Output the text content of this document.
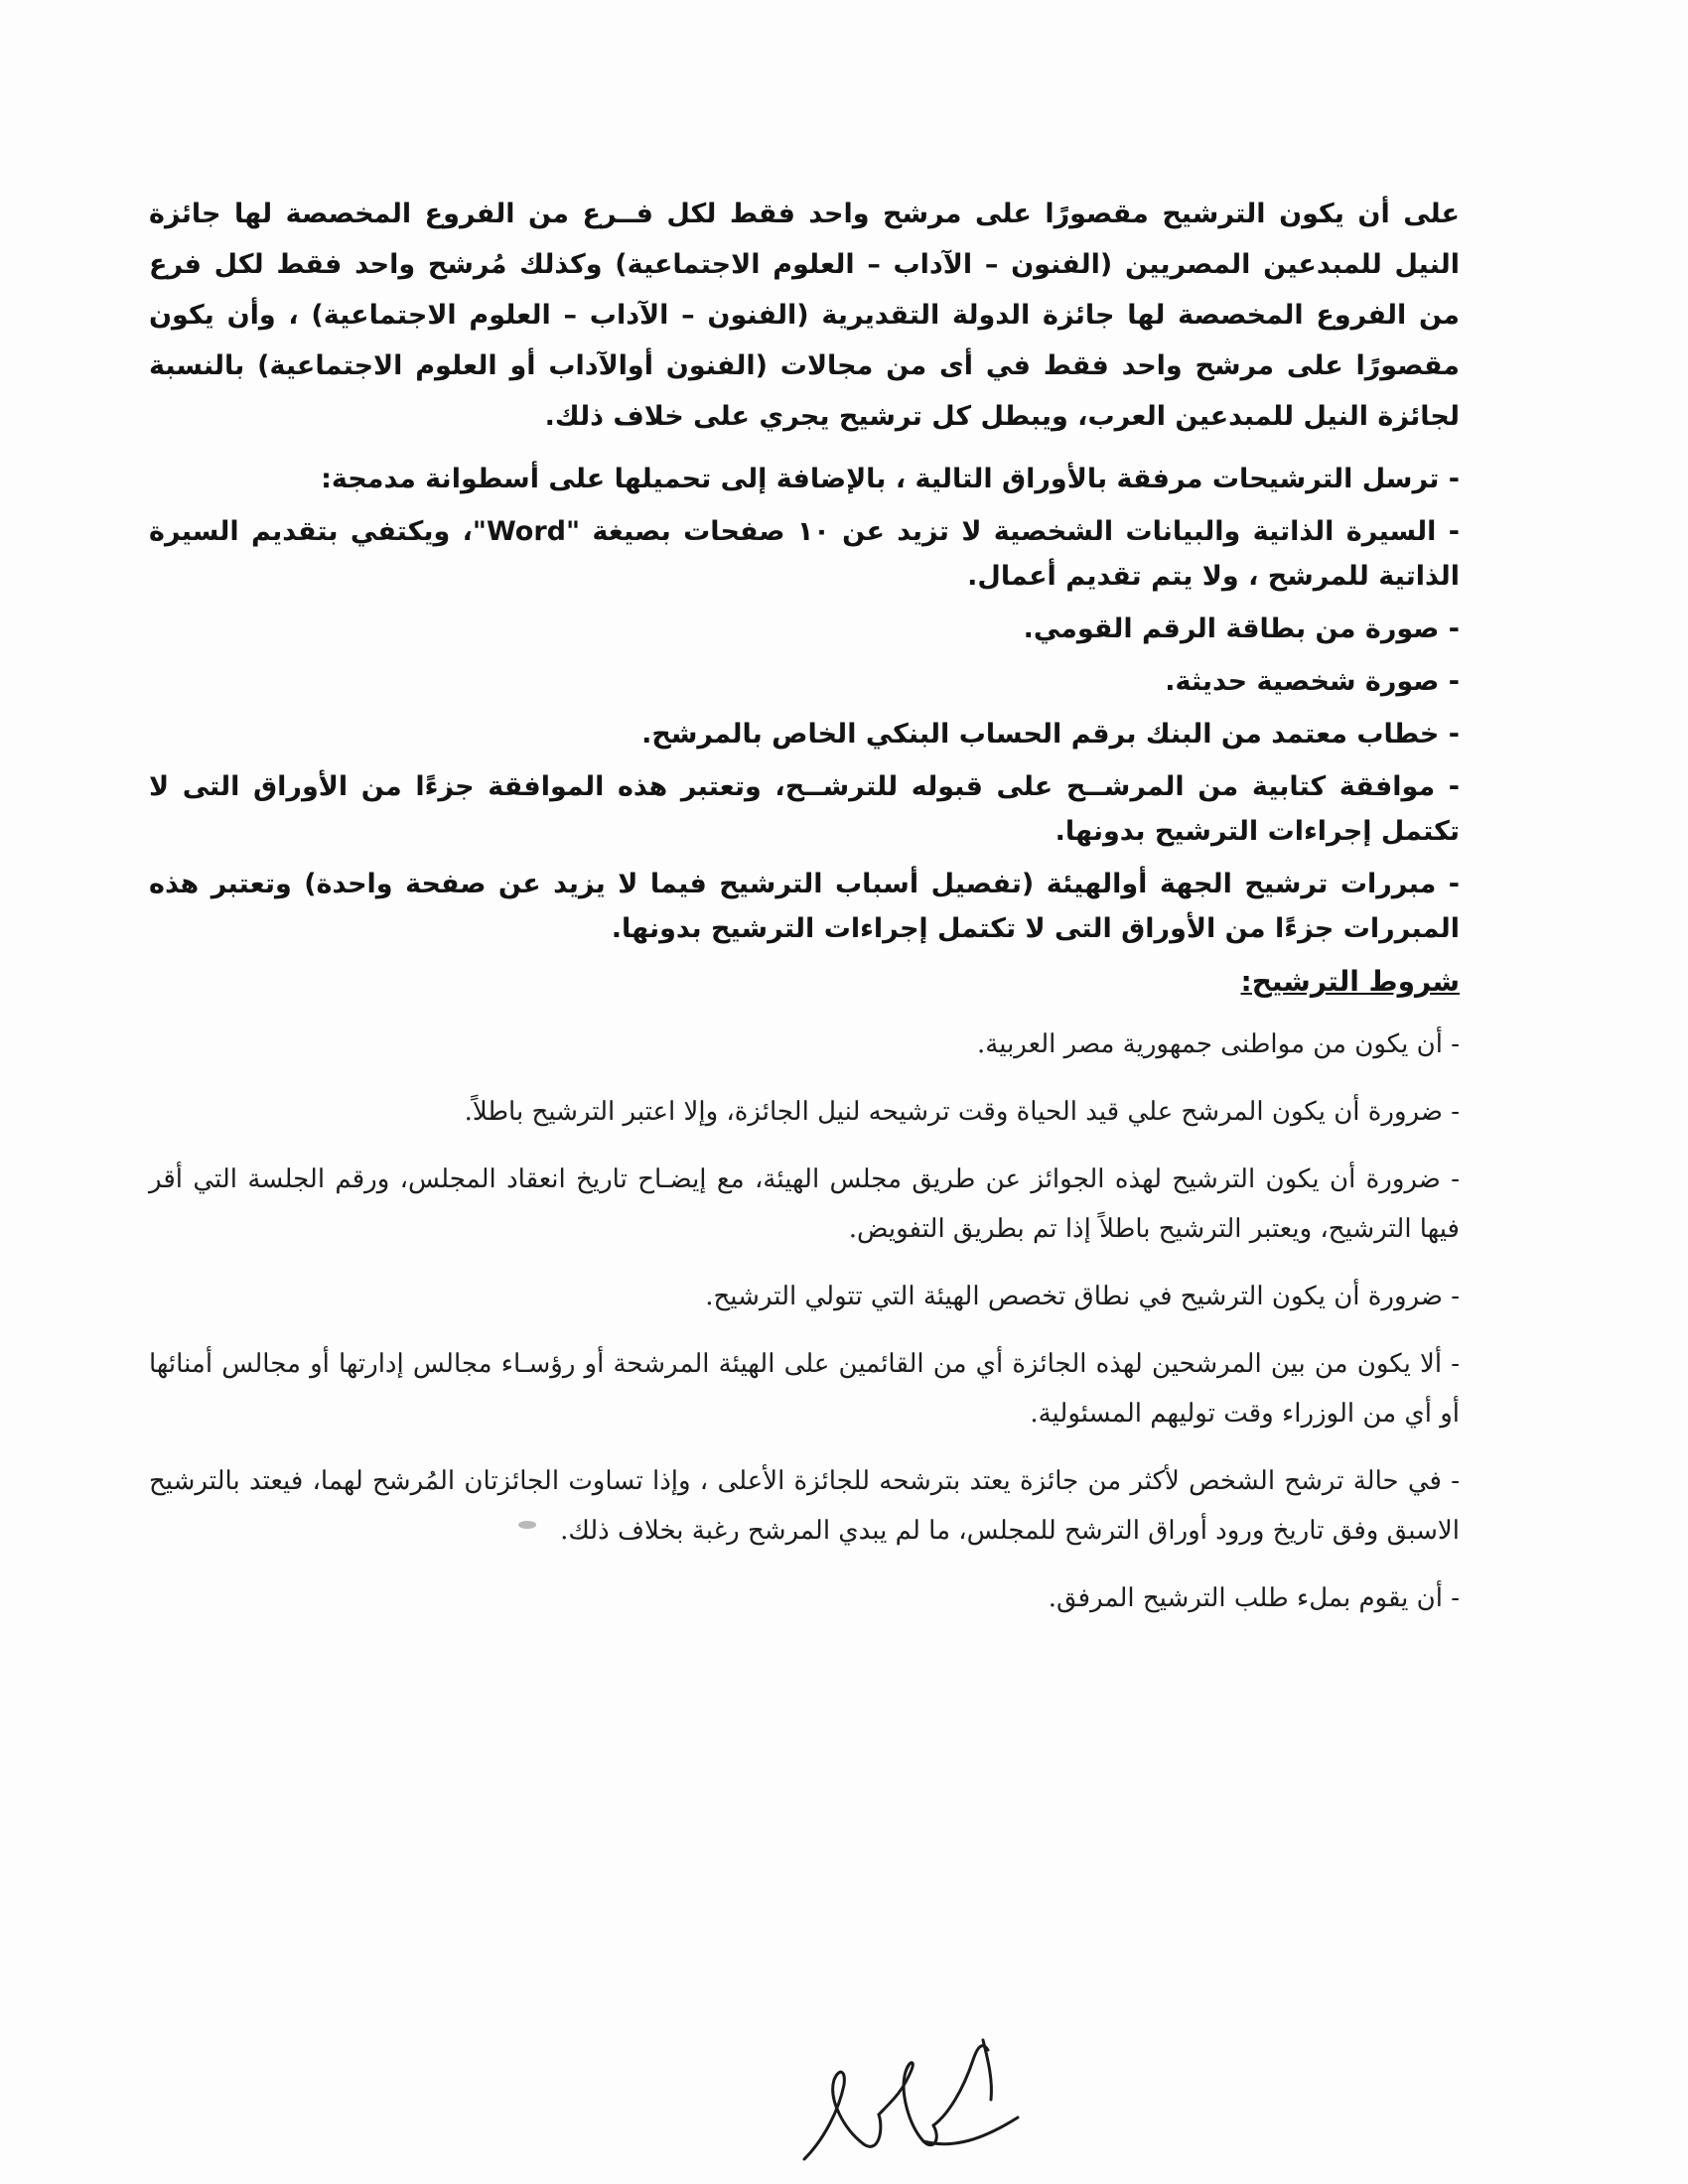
على أن يكون الترشيح مقصورًا على مرشح واحد فقط لكل فــرع من الفروع المخصصة لها جائزة النيل للمبدعين المصريين (الفنون – الآداب – العلوم الاجتماعية) وكذلك مُرشح واحد فقط لكل فرع من الفروع المخصصة لها جائزة الدولة التقديرية (الفنون – الآداب – العلوم الاجتماعية) ، وأن يكون مقصورًا على مرشح واحد فقط في أى من مجالات (الفنون أوالآداب أو العلوم الاجتماعية) بالنسبة لجائزة النيل للمبدعين العرب، ويبطل كل ترشيح يجري على خلاف ذلك.

- ترسل الترشيحات مرفقة بالأوراق التالية ، بالإضافة إلى تحميلها على أسطوانة مدمجة:

- السيرة الذاتية والبيانات الشخصية لا تزيد عن ١٠ صفحات بصيغة "Word"، ويكتفي بتقديم السيرة الذاتية للمرشح ، ولا يتم تقديم أعمال.

- صورة من بطاقة الرقم القومي.

- صورة شخصية حديثة.

- خطاب معتمد من البنك برقم الحساب البنكي الخاص بالمرشح.

- موافقة كتابية من المرشــح على قبوله للترشــح، وتعتبر هذه الموافقة جزءًا من الأوراق التى لا تكتمل إجراءات الترشيح بدونها.

- مبررات ترشيح الجهة أوالهيئة (تفصيل أسباب الترشيح فيما لا يزيد عن صفحة واحدة) وتعتبر هذه المبررات جزءًا من الأوراق التى لا تكتمل إجراءات الترشيح بدونها.

شروط الترشيح:

- أن يكون من مواطنى جمهورية مصر العربية.

- ضرورة أن يكون المرشح علي قيد الحياة وقت ترشيحه لنيل الجائزة، وإلا اعتبر الترشيح باطلاً.

- ضرورة أن يكون الترشيح لهذه الجوائز عن طريق مجلس الهيئة، مع إيضـاح تاريخ انعقاد المجلس، ورقم الجلسة التي أقر فيها الترشيح، ويعتبر الترشيح باطلاً إذا تم بطريق التفويض.

- ضرورة أن يكون الترشيح في نطاق تخصص الهيئة التي تتولي الترشيح.

- ألا يكون من بين المرشحين لهذه الجائزة أي من القائمين على الهيئة المرشحة أو رؤسـاء مجالس إدارتها أو مجالس أمنائها أو أي من الوزراء وقت توليهم المسئولية.

- في حالة ترشح الشخص لأكثر من جائزة يعتد بترشحه للجائزة الأعلى ، وإذا تساوت الجائزتان المُرشح لهما، فيعتد بالترشيح الاسبق وفق تاريخ ورود أوراق الترشح للمجلس، ما لم يبدي المرشح رغبة بخلاف ذلك.

- أن يقوم بملء طلب الترشيح المرفق.
